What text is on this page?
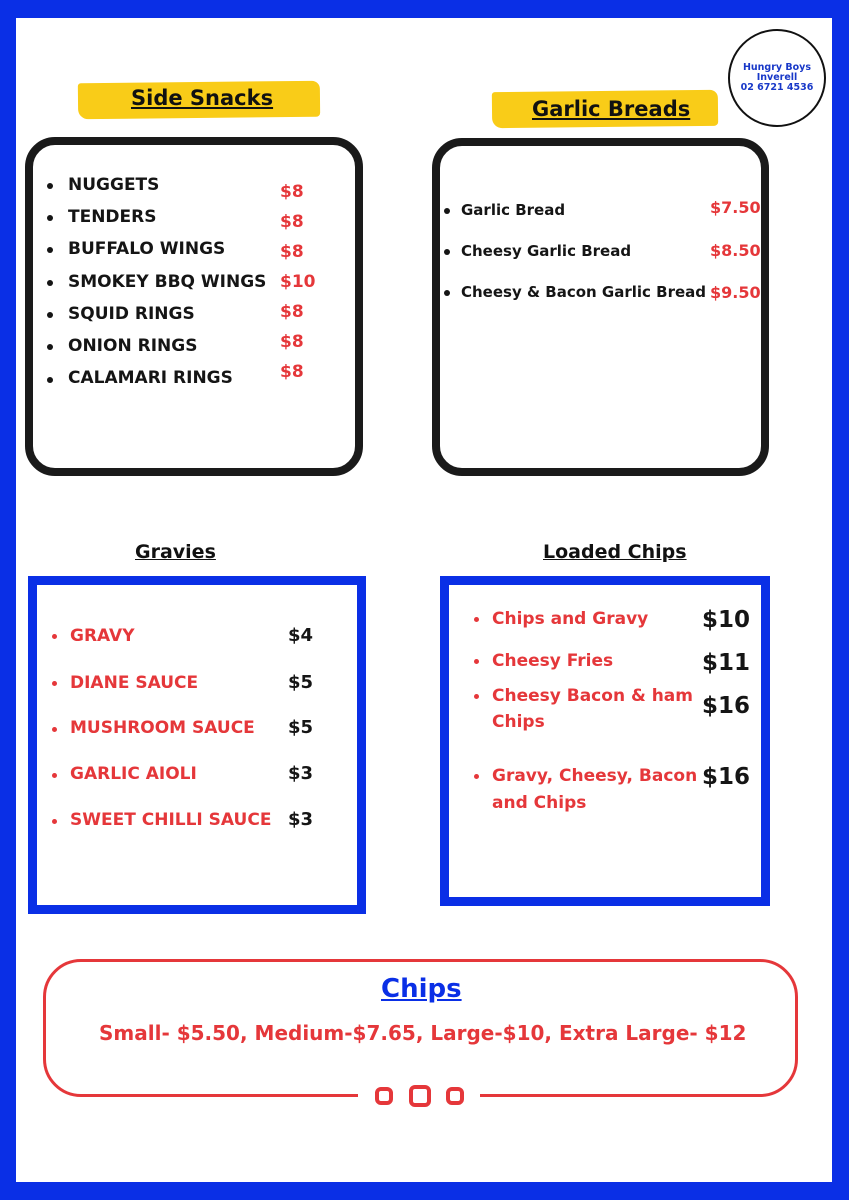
Hungry Boys
Inverell
02 6721 4536
Side Snacks
NUGGETS	$8
TENDERS	$8
BUFFALO WINGS	$8
SMOKEY BBQ WINGS $10
SQUID RINGS	$8
ONION RINGS	$8
CALAMARI RINGS	$8
Garlic Breads
Garlic Bread	$7.50
Cheesy Garlic Bread	$8.50
Cheesy & Bacon Garlic Bread $9.50
Gravies
GRAVY	$4
DIANE SAUCE	$5
MUSHROOM SAUCE $5
GARLIC AIOLI	$3
SWEET CHILLI SAUCE $3
Loaded Chips
Chips and Gravy $10
Cheesy Fries	$11
Cheesy Bacon & ham
Chips
$16
Gravy, Cheesy, Bacon
and Chips
$16
Chips
Small- $5.50, Medium-$7.65, Large-$10, Extra Large- $12
